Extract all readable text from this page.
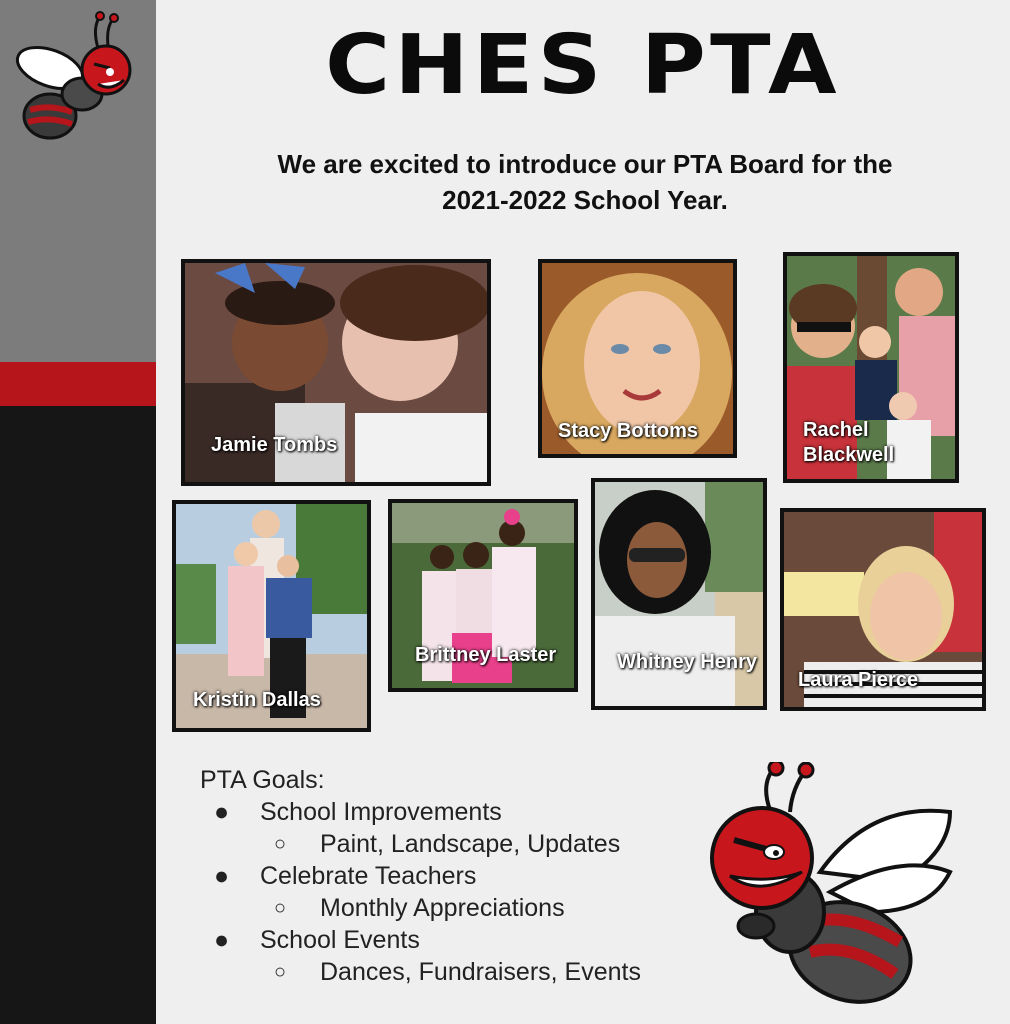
CHES PTA
We are excited to introduce our PTA Board for the
2021-2022 School Year.
Jamie Tombs
Stacy Bottoms	Rachel
Blackwell
Kristin Dallas
Brittney Laster	Whitney Henry
Laura Pierce
PTA Goals:
● School Improvements
○ Paint, Landscape, Updates
● Celebrate Teachers
○ Monthly Appreciations
● School Events
○ Dances, Fundraisers, Events
